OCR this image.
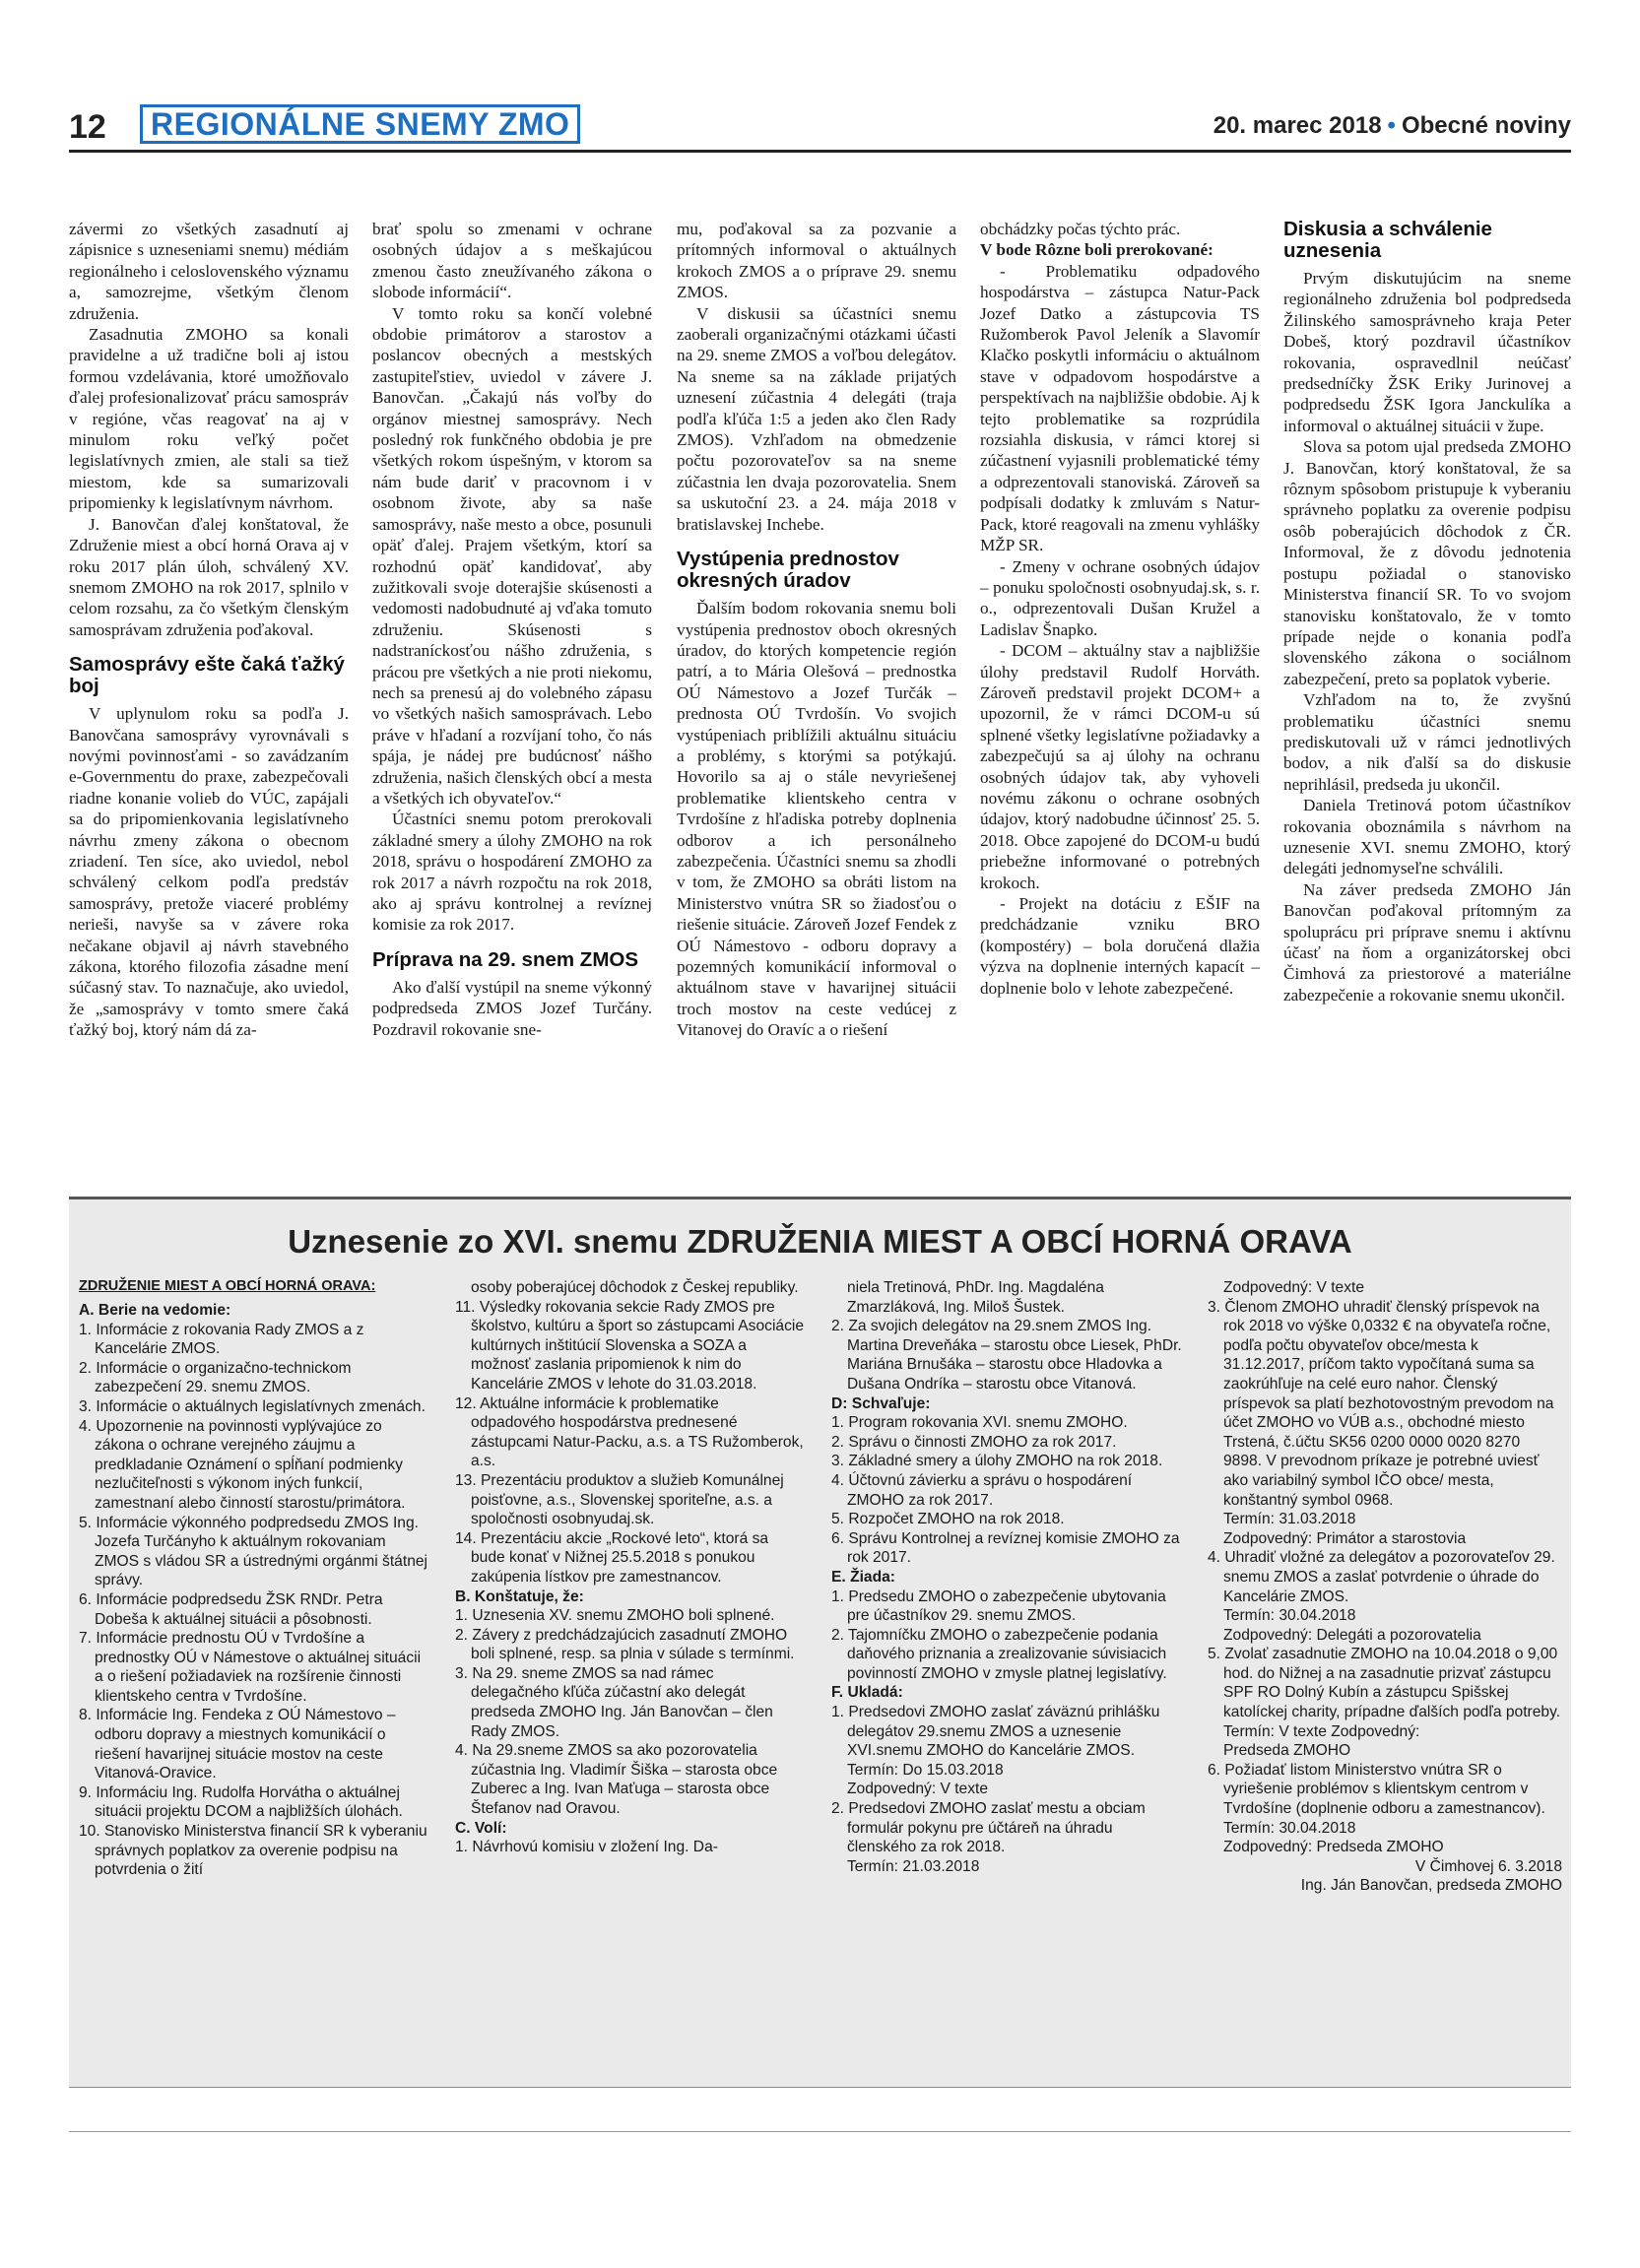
12 REGIONÁLNE SNEMY ZMO	20. marec 2018 • Obecné noviny

závermi zo všetkých zasadnutí aj zápisnice s uzneseniami snemu) médiám regionálneho i celoslovenského významu a, samozrejme, všetkým členom združenia.

Zasadnutia ZMOHO sa konali pravidelne a už tradične boli aj istou formou vzdelávania, ktoré umožňovalo ďalej profesionalizovať prácu samospráv v regióne, včas reagovať na aj v minulom roku veľký počet legislatívnych zmien, ale stali sa tiež miestom, kde sa sumarizovali pripomienky k legislatívnym návrhom.

J. Banovčan ďalej konštatoval, že Združenie miest a obcí horná Orava aj v roku 2017 plán úloh, schválený XV. snemom ZMOHO na rok 2017, splnilo v celom rozsahu, za čo všetkým členským samosprávam združenia poďakoval.

Samosprávy ešte čaká ťažký boj

V uplynulom roku sa podľa J. Banovčana samosprávy vyrovnávali s novými povinnosťami - so zavádzaním e-Governmentu do praxe, zabezpečovali riadne konanie volieb do VÚC, zapájali sa do pripomienkovania legislatívneho návrhu zmeny zákona o obecnom zriadení. Ten síce, ako uviedol, nebol schválený celkom podľa predstáv samosprávy, pretože viaceré problémy nerieši, navyše sa v závere roka nečakane objavil aj návrh stavebného zákona, ktorého filozofia zásadne mení súčasný stav. To naznačuje, ako uviedol, že „samosprávy v tomto smere čaká ťažký boj, ktorý nám dá za-

brať spolu so zmenami v ochrane osobných údajov a s meškajúcou zmenou často zneužívaného zákona o slobode informácií“.

V tomto roku sa končí volebné obdobie primátorov a starostov a poslancov obecných a mestských zastupiteľstiev, uviedol v závere J. Banovčan. „Čakajú nás voľby do orgánov miestnej samosprávy. Nech posledný rok funkčného obdobia je pre všetkých rokom úspešným, v ktorom sa nám bude dariť v pracovnom i v osobnom živote, aby sa naše samosprávy, naše mesto a obce, posunuli opäť ďalej. Prajem všetkým, ktorí sa rozhodnú opäť kandidovať, aby zužitkovali svoje doterajšie skúsenosti a vedomosti nadobudnuté aj vďaka tomuto združeniu. Skúsenosti s nadstraníckosťou nášho združenia, s prácou pre všetkých a nie proti niekomu, nech sa prenesú aj do volebného zápasu vo všetkých našich samosprávach. Lebo práve v hľadaní a rozvíjaní toho, čo nás spája, je nádej pre budúcnosť nášho združenia, našich členských obcí a mesta a všetkých ich obyvateľov.“

Účastníci snemu potom prerokovali základné smery a úlohy ZMOHO na rok 2018, správu o hospodárení ZMOHO za rok 2017 a návrh rozpočtu na rok 2018, ako aj správu kontrolnej a revíznej komisie za rok 2017.

Príprava na 29. snem ZMOS

Ako ďalší vystúpil na sneme výkonný podpredseda ZMOS Jozef Turčány. Pozdravil rokovanie sne-

mu, poďakoval sa za pozvanie a prítomných informoval o aktuálnych krokoch ZMOS a o príprave 29. snemu ZMOS.

V diskusii sa účastníci snemu zaoberali organizačnými otázkami účasti na 29. sneme ZMOS a voľbou delegátov. Na sneme sa na základe prijatých uznesení zúčastnia 4 delegáti (traja podľa kľúča 1:5 a jeden ako člen Rady ZMOS). Vzhľadom na obmedzenie počtu pozorovateľov sa na sneme zúčastnia len dvaja pozorovatelia. Snem sa uskutoční 23. a 24. mája 2018 v bratislavskej Inchebe.

Vystúpenia prednostov okresných úradov

Ďalším bodom rokovania snemu boli vystúpenia prednostov oboch okresných úradov, do ktorých kompetencie región patrí, a to Mária Olešová – prednostka OÚ Námestovo a Jozef Turčák – prednosta OÚ Tvrdošín. Vo svojich vystúpeniach priblížili aktuálnu situáciu a problémy, s ktorými sa potýkajú. Hovorilo sa aj o stále nevyriešenej problematike klientskeho centra v Tvrdošíne z hľadiska potreby doplnenia odborov a ich personálneho zabezpečenia. Účastníci snemu sa zhodli v tom, že ZMOHO sa obráti listom na Ministerstvo vnútra SR so žiadosťou o riešenie situácie. Zároveň Jozef Fendek z OÚ Námestovo - odboru dopravy a pozemných komunikácií informoval o aktuálnom stave v havarijnej situácii troch mostov na ceste vedúcej z Vitanovej do Oravíc a o riešení

obchádzky počas týchto prác.

V bode Rôzne boli prerokované:

- Problematiku odpadového hospodárstva – zástupca Natur-Pack Jozef Datko a zástupcovia TS Ružomberok Pavol Jeleník a Slavomír Klačko poskytli informáciu o aktuálnom stave v odpadovom hospodárstve a perspektívach na najbližšie obdobie. Aj k tejto problematike sa rozprúdila rozsiahla diskusia, v rámci ktorej si zúčastnení vyjasnili problematické témy a odprezentovali stanoviská. Zároveň sa podpísali dodatky k zmluvám s Natur-Pack, ktoré reagovali na zmenu vyhlášky MŽP SR.

- Zmeny v ochrane osobných údajov – ponuku spoločnosti osobnyudaj.sk, s. r. o., odprezentovali Dušan Kružel a Ladislav Šnapko.

- DCOM – aktuálny stav a najbližšie úlohy predstavil Rudolf Horváth. Zároveň predstavil projekt DCOM+ a upozornil, že v rámci DCOM-u sú splnené všetky legislatívne požiadavky a zabezpečujú sa aj úlohy na ochranu osobných údajov tak, aby vyhoveli novému zákonu o ochrane osobných údajov, ktorý nadobudne účinnosť 25. 5. 2018. Obce zapojené do DCOM-u budú priebežne informované o potrebných krokoch.

- Projekt na dotáciu z EŠIF na predchádzanie vzniku BRO (kompostéry) – bola doručená dlažia výzva na doplnenie interných kapacít – doplnenie bolo v lehote zabezpečené.

Diskusia a schválenie uznesenia

Prvým diskutujúcim na sneme regionálneho združenia bol podpredseda Žilinského samosprávneho kraja Peter Dobeš, ktorý pozdravil účastníkov rokovania, ospravedlnil neúčasť predsedníčky ŽSK Eriky Jurinovej a podpredsedu ŽSK Igora Janckulíka a informoval o aktuálnej situácii v župe.

Slova sa potom ujal predseda ZMOHO J. Banovčan, ktorý konštatoval, že sa rôznym spôsobom pristupuje k vyberaniu správneho poplatku za overenie podpisu osôb poberajúcich dôchodok z ČR. Informoval, že z dôvodu jednotenia postupu požiadal o stanovisko Ministerstva financií SR. To vo svojom stanovisku konštatovalo, že v tomto prípade nejde o konania podľa slovenského zákona o sociálnom zabezpečení, preto sa poplatok vyberie.

Vzhľadom na to, že zvyšnú problematiku účastníci snemu prediskutovali už v rámci jednotlivých bodov, a nik ďalší sa do diskusie neprihlásil, predseda ju ukončil.

Daniela Tretinová potom účastníkov rokovania oboznámila s návrhom na uznesenie XVI. snemu ZMOHO, ktorý delegáti jednomyseľne schválili.

Na záver predseda ZMOHO Ján Banovčan poďakoval prítomným za spoluprácu pri príprave snemu i aktívnu účasť na ňom a organizátorskej obci Čimhová za priestorové a materiálne zabezpečenie a rokovanie snemu ukončil.

Uznesenie zo XVI. snemu ZDRUŽENIA MIEST A OBCÍ HORNÁ ORAVA
ZDRUŽENIE MIEST A OBCÍ HORNÁ ORAVA:
A. Berie na vedomie:
1. Informácie z rokovania Rady ZMOS a z Kancelárie ZMOS.
2. Informácie o organizačno-technickom zabezpečení 29. snemu ZMOS.
3. Informácie o aktuálnych legislatívnych zmenách.
4. Upozornenie na povinnosti vyplývajúce zo zákona o ochrane verejného záujmu a predkladanie Oznámení o spĺňaní podmienky nezlučiteľnosti s výkonom iných funkcií, zamestnaní alebo činností starostu/primátora.
5. Informácie výkonného podpredsedu ZMOS Ing. Jozefa Turčányho k aktuálnym rokovaniam ZMOS s vládou SR a ústrednými orgánmi štátnej správy.
6. Informácie podpredsedu ŽSK RNDr. Petra Dobeša k aktuálnej situácii a pôsobnosti.
7. Informácie prednostu OÚ v Tvrdošíne a prednostky OÚ v Námestove o aktuálnej situácii a o riešení požiadaviek na rozšírenie činnosti klientskeho centra v Tvrdošíne.
8. Informácie Ing. Fendeka z OÚ Námestovo – odboru dopravy a miestnych komunikácií o riešení havarijnej situácie mostov na ceste Vitanová-Oravice.
9. Informáciu Ing. Rudolfa Horvátha o aktuálnej situácii projektu DCOM a najbližších úlohách.
10. Stanovisko Ministerstva financií SR k vyberaniu správnych poplatkov za overenie podpisu na potvrdenia o žití
osoby poberajúcej dôchodok z Českej republiky.
11. Výsledky rokovania sekcie Rady ZMOS pre školstvo, kultúru a šport so zástupcami Asociácie kultúrnych inštitúcií Slovenska a SOZA a možnosť zaslania pripomienok k nim do Kancelárie ZMOS v lehote do 31.03.2018.
12. Aktuálne informácie k problematike odpadového hospodárstva prednesené zástupcami Natur-Packu, a.s. a TS Ružomberok, a.s.
13. Prezentáciu produktov a služieb Komunálnej poisťovne, a.s., Slovenskej sporiteľne, a.s. a spoločnosti osobnyudaj.sk.
14. Prezentáciu akcie „Rockové leto“, ktorá sa bude konať v Nižnej 25.5.2018 s ponukou zakúpenia lístkov pre zamestnancov.
B. Konštatuje, že:
1. Uznesenia XV. snemu ZMOHO boli splnené.
2. Závery z predchádzajúcich zasadnutí ZMOHO boli splnené, resp. sa plnia v súlade s termínmi.
3. Na 29. sneme ZMOS sa nad rámec delegačného kľúča zúčastní ako delegát predseda ZMOHO Ing. Ján Banovčan – člen Rady ZMOS.
4. Na 29.sneme ZMOS sa ako pozorovatelia zúčastnia Ing. Vladimír Šiška – starosta obce Zuberec a Ing. Ivan Maťuga – starosta obce Štefanov nad Oravou.
C. Volí:
1. Návrhovú komisiu v zložení Ing. Da-
niela Tretinová, PhDr. Ing. Magdaléna Zmarzláková, Ing. Miloš Šustek.
2. Za svojich delegátov na 29.snem ZMOS Ing. Martina Dreveňáka – starostu obce Liesek, PhDr. Mariána Brnušáka – starostu obce Hladovka a Dušana Ondríka – starostu obce Vitanová.
D: Schvaľuje:
1. Program rokovania XVI. snemu ZMOHO.
2. Správu o činnosti ZMOHO za rok 2017.
3. Základné smery a úlohy ZMOHO na rok 2018.
4. Účtovnú závierku a správu o hospodárení ZMOHO za rok 2017.
5. Rozpočet ZMOHO na rok 2018.
6. Správu Kontrolnej a revíznej komisie ZMOHO za rok 2017.
E. Žiada:
1. Predsedu ZMOHO o zabezpečenie ubytovania pre účastníkov 29. snemu ZMOS.
2. Tajomníčku ZMOHO o zabezpečenie podania daňového priznania a zrealizovanie súvisiacich povinností ZMOHO v zmysle platnej legislatívy.
F. Ukladá:
1. Predsedovi ZMOHO zaslať záväznú prihlášku delegátov 29.snemu ZMOS a uznesenie XVI.snemu ZMOHO do Kancelárie ZMOS.
Termín: Do 15.03.2018
Zodpovedný: V texte
2. Predsedovi ZMOHO zaslať mestu a obciam formulár pokynu pre účtáreň na úhradu členského za rok 2018.
Termín: 21.03.2018
Zodpovedný: V texte
3. Členom ZMOHO uhradiť členský príspevok na rok 2018 vo výške 0,0332 € na obyvateľa ročne, podľa počtu obyvateľov obce/mesta k 31.12.2017, príčom takto vypočítaná suma sa zaokrúhľuje na celé euro nahor. Členský príspevok sa platí bezhotovostným prevodom na účet ZMOHO vo VÚB a.s., obchodné miesto Trstená, č.účtu SK56 0200 0000 0020 8270 9898. V prevodnom príkaze je potrebné uviesť ako variabilný symbol IČO obce/ mesta, konštantný symbol 0968.
Termín: 31.03.2018
Zodpovedný: Primátor a starostovia
4. Uhradiť vložné za delegátov a pozorovateľov 29. snemu ZMOS a zaslať potvrdenie o úhrade do Kancelárie ZMOS.
Termín: 30.04.2018
Zodpovedný: Delegáti a pozorovatelia
5. Zvolať zasadnutie ZMOHO na 10.04.2018 o 9,00 hod. do Nižnej a na zasadnutie prizvať zástupcu SPF RO Dolný Kubín a zástupcu Spišskej katolíckej charity, prípadne ďalších podľa potreby.
Termín: V texte Zodpovedný:
Predseda ZMOHO
6. Požiadať listom Ministerstvo vnútra SR o vyriešenie problémov s klientskym centrom v Tvrdošíne (doplnenie odboru a zamestnancov).
Termín: 30.04.2018
Zodpovedný: Predseda ZMOHO
V Čimhovej 6. 3.2018
Ing. Ján Banovčan, predseda ZMOHO
